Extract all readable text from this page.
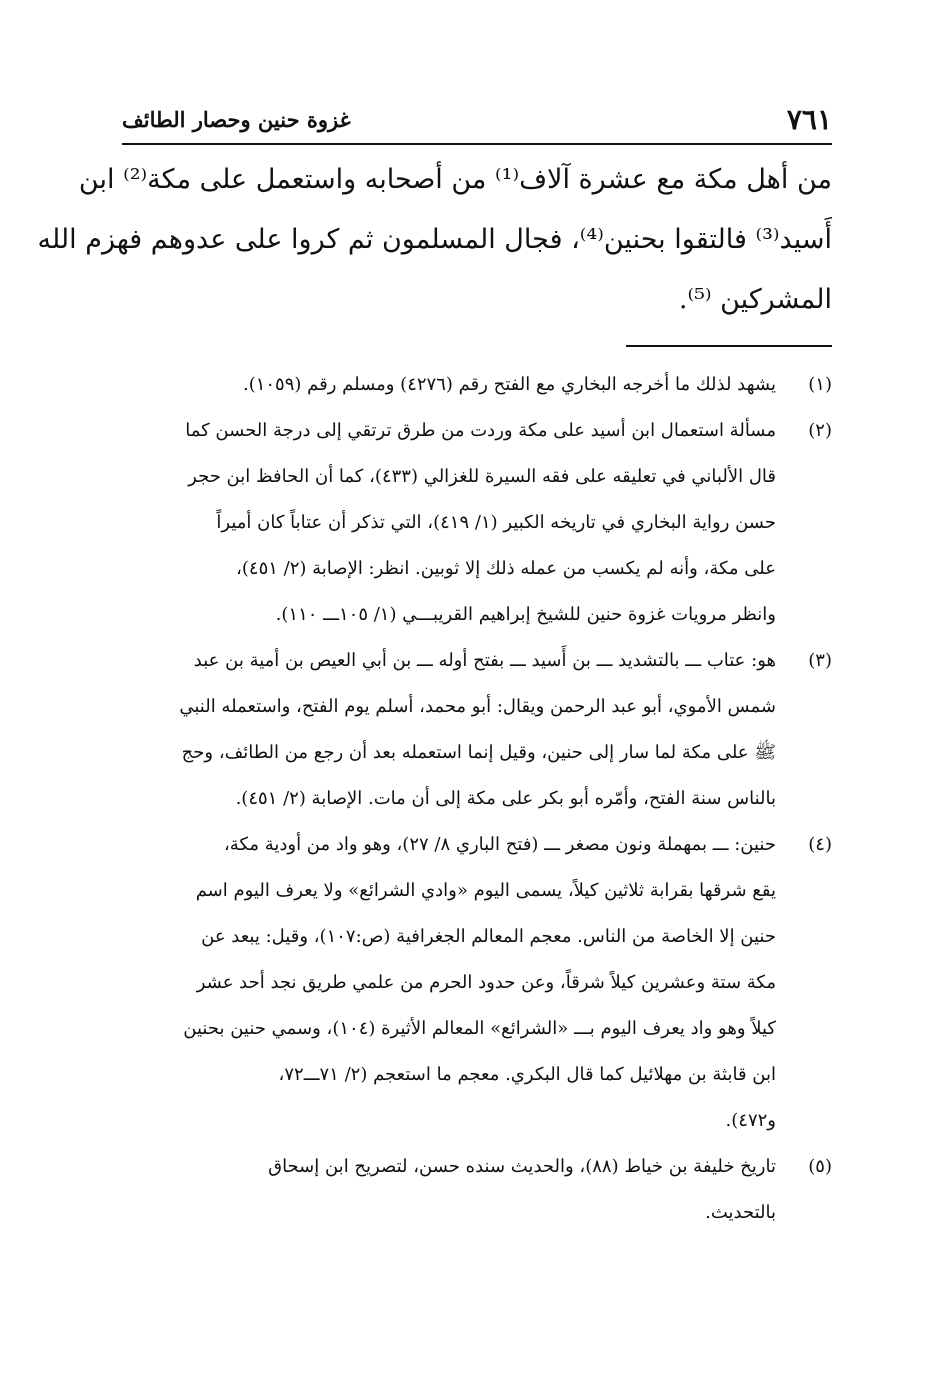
٧٦١
غزوة حنين وحصار الطائف
من أهل مكة مع عشرة آلاف⁽¹⁾ من أصحابه واستعمل على مكة⁽²⁾ ابن
أَسيد⁽³⁾ فالتقوا بحنين⁽⁴⁾، فجال المسلمون ثم كروا على عدوهم فهزم الله
المشركين ⁽⁵⁾.
(١)
يشهد لذلك ما أخرجه البخاري مع الفتح رقم (٤٢٧٦) ومسلم رقم (١٠٥٩).
(٢)
مسألة استعمال ابن أسيد على مكة وردت من طرق ترتقي إلى درجة الحسن كما
قال الألباني في تعليقه على فقه السيرة للغزالي (٤٣٣)، كما أن الحافظ ابن حجر
حسن رواية البخاري في تاريخه الكبير (١/ ٤١٩)، التي تذكر أن عتاباً كان أميراً
على مكة، وأنه لم يكسب من عمله ذلك إلا ثوبين. انظر: الإصابة (٢/ ٤٥١)،
وانظر مرويات غزوة حنين للشيخ إبراهيم القريبـــي (١/ ١٠٥ـــ ١١٠).
(٣)
هو: عتاب ـــ بالتشديد ـــ بن أَسيد ـــ بفتح أوله ـــ بن أبي العيص بن أمية بن عبد
شمس الأموي، أبو عبد الرحمن ويقال: أبو محمد، أسلم يوم الفتح، واستعمله النبي
ﷺ على مكة لما سار إلى حنين، وقيل إنما استعمله بعد أن رجع من الطائف، وحج
بالناس سنة الفتح، وأمّره أبو بكر على مكة إلى أن مات. الإصابة (٢/ ٤٥١).
(٤)
حنين: ـــ بمهملة ونون مصغر ـــ (فتح الباري ٨/ ٢٧)، وهو واد من أودية مكة،
يقع شرقها بقرابة ثلاثين كيلاً، يسمى اليوم «وادي الشرائع» ولا يعرف اليوم اسم
حنين إلا الخاصة من الناس. معجم المعالم الجغرافية (ص:١٠٧)، وقيل: يبعد عن
مكة ستة وعشرين كيلاً شرقاً، وعن حدود الحرم من علمي طريق نجد أحد عشر
كيلاً وهو واد يعرف اليوم بـــ «الشرائع» المعالم الأثيرة (١٠٤)، وسمي حنين بحنين
ابن قابثة بن مهلائيل كما قال البكري. معجم ما استعجم (٢/ ٧١ـــ٧٢،
و٤٧٢).
(٥)
تاريخ خليفة بن خياط (٨٨)، والحديث سنده حسن، لتصريح ابن إسحاق
بالتحديث.
